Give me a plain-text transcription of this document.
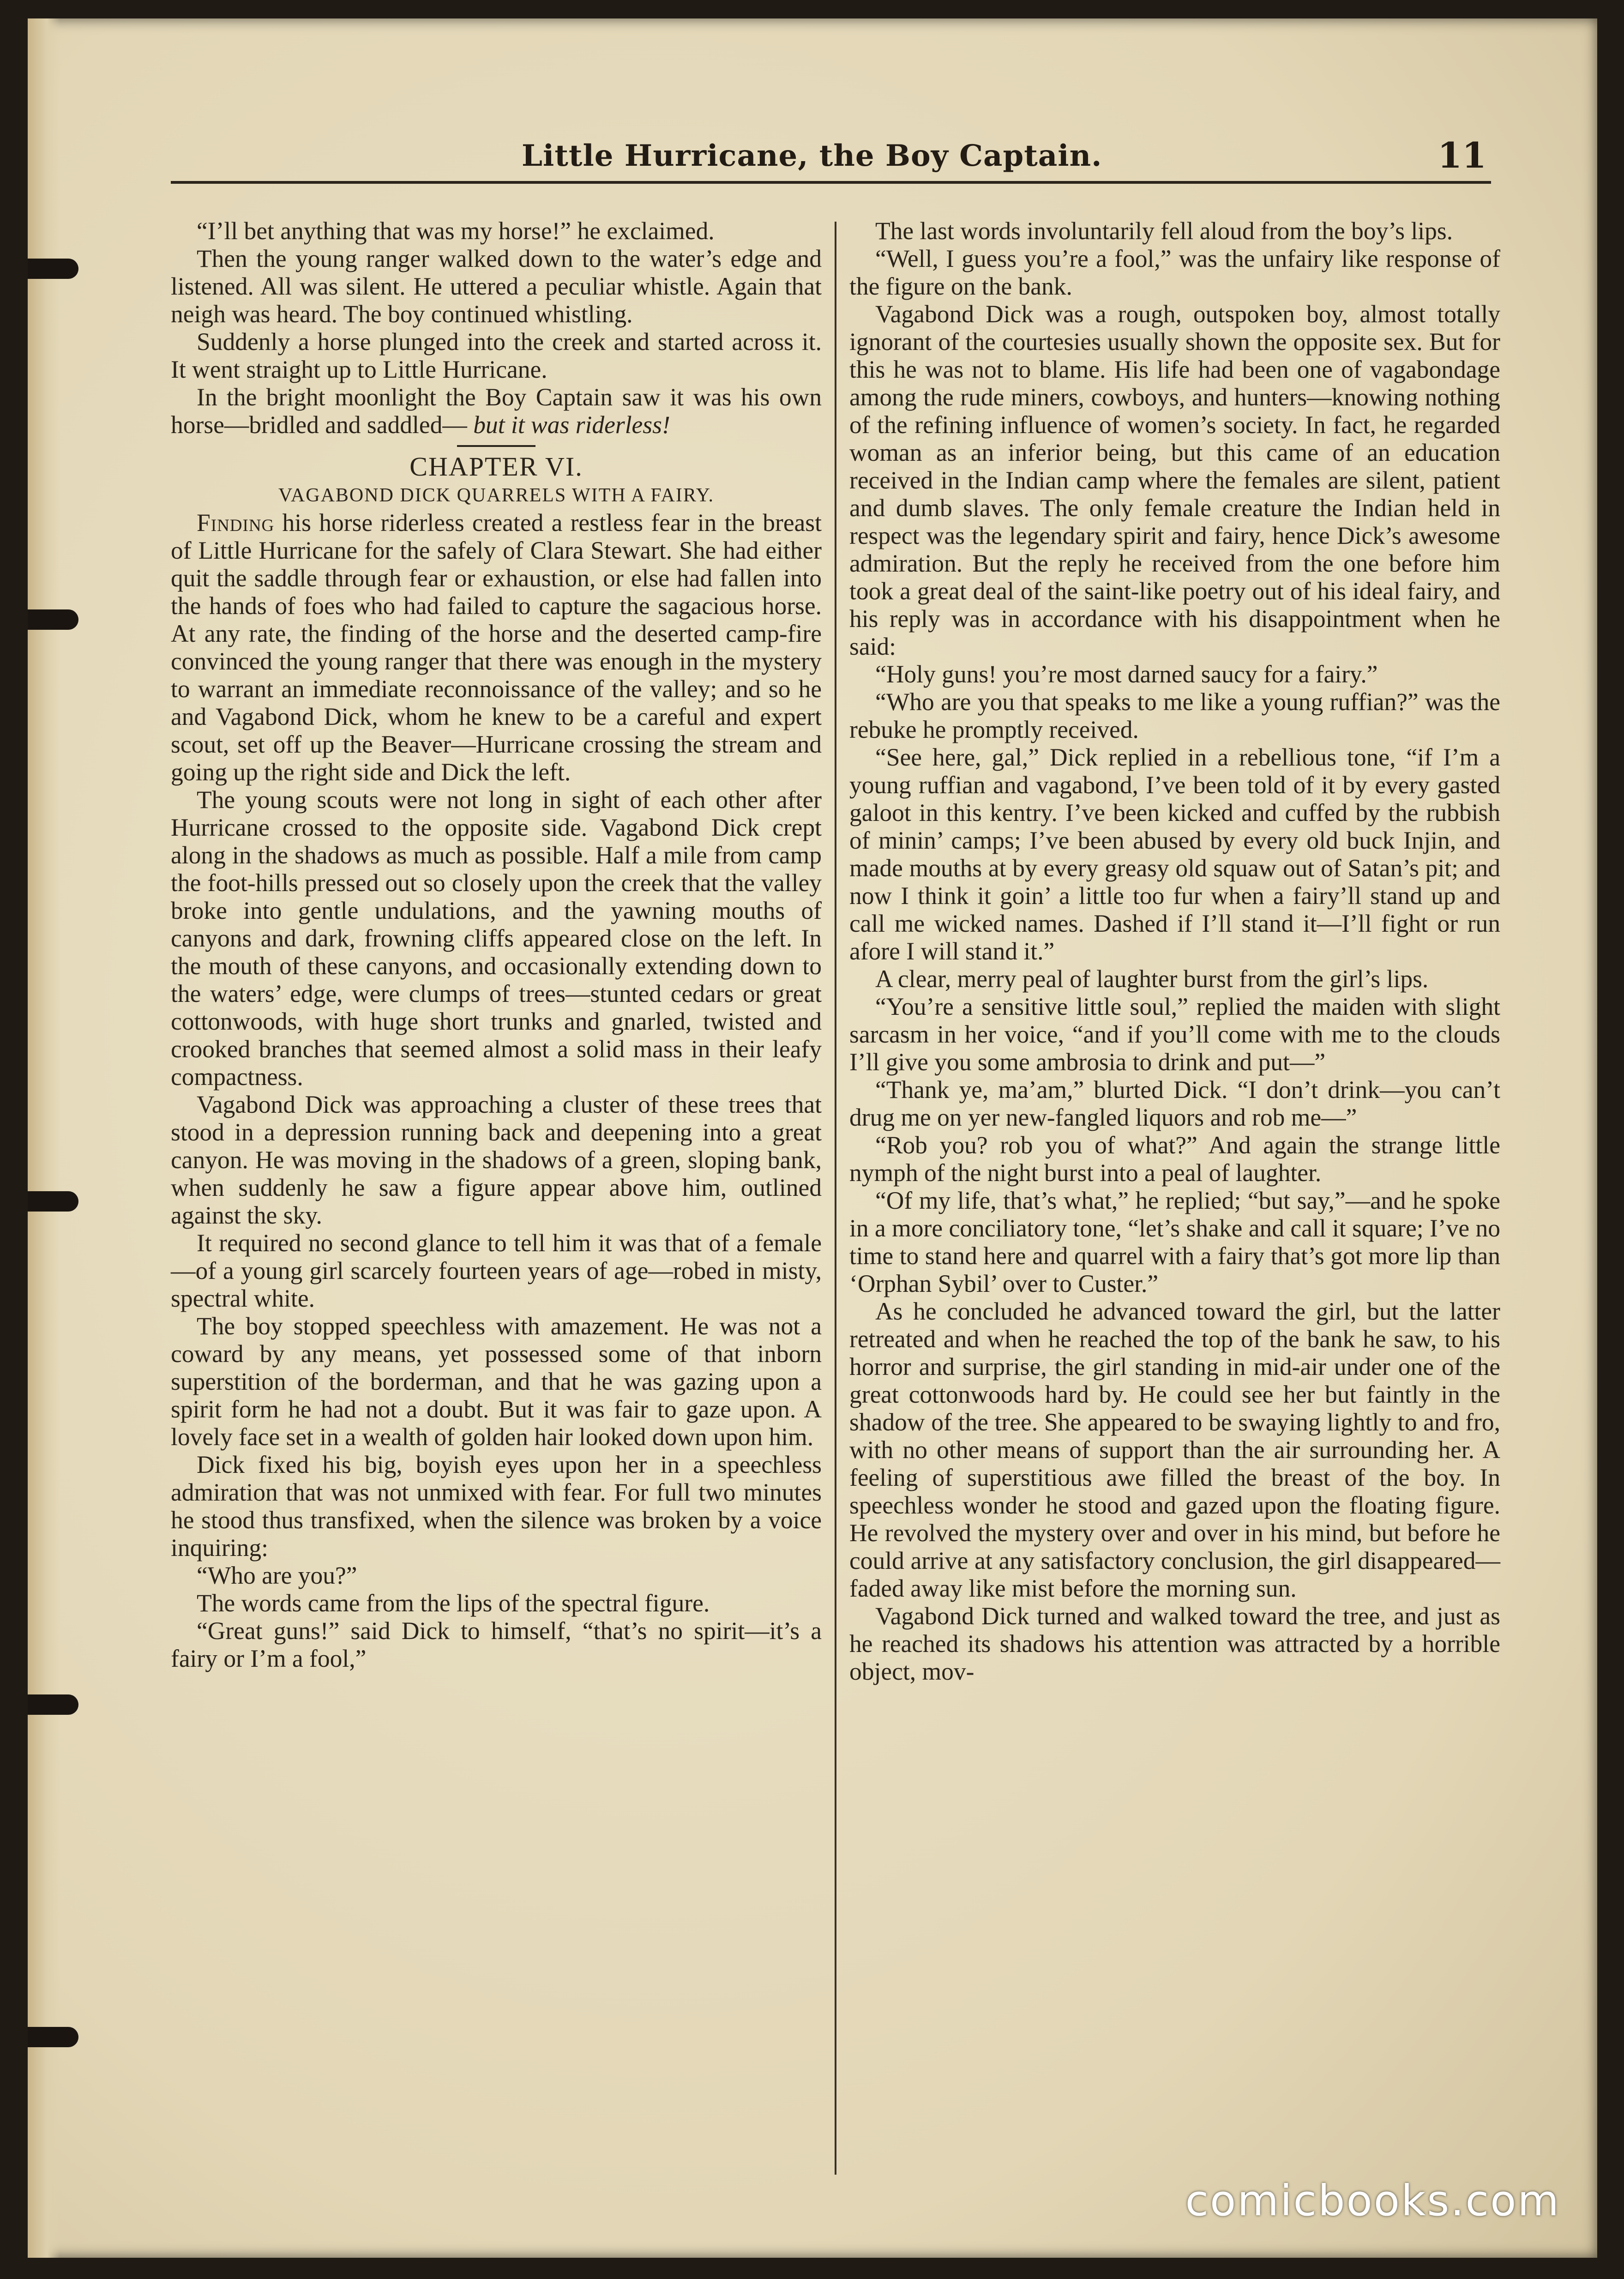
Little Hurricane, the Boy Captain.	11

“I’ll bet anything that was my horse!” he exclaimed.

Then the young ranger walked down to the water’s edge and listened. All was silent. He uttered a peculiar whistle. Again that neigh was heard. The boy continued whistling.

Suddenly a horse plunged into the creek and started across it. It went straight up to Little Hurricane.

In the bright moonlight the Boy Captain saw it was his own horse—bridled and saddled— but it was riderless!

CHAPTER VI.

VAGABOND DICK QUARRELS WITH A FAIRY.

Finding his horse riderless created a restless fear in the breast of Little Hurricane for the safely of Clara Stewart. She had either quit the saddle through fear or exhaustion, or else had fallen into the hands of foes who had failed to capture the sagacious horse. At any rate, the finding of the horse and the deserted camp-fire convinced the young ranger that there was enough in the mystery to warrant an immediate reconnoissance of the valley; and so he and Vagabond Dick, whom he knew to be a careful and expert scout, set off up the Beaver—Hurricane crossing the stream and going up the right side and Dick the left.

The young scouts were not long in sight of each other after Hurricane crossed to the opposite side. Vagabond Dick crept along in the shadows as much as possible. Half a mile from camp the foot-hills pressed out so closely upon the creek that the valley broke into gentle undulations, and the yawning mouths of canyons and dark, frowning cliffs appeared close on the left. In the mouth of these canyons, and occasionally extending down to the waters’ edge, were clumps of trees—stunted cedars or great cottonwoods, with huge short trunks and gnarled, twisted and crooked branches that seemed almost a solid mass in their leafy compactness.

Vagabond Dick was approaching a cluster of these trees that stood in a depression running back and deepening into a great canyon. He was moving in the shadows of a green, sloping bank, when suddenly he saw a figure appear above him, outlined against the sky.

It required no second glance to tell him it was that of a female—of a young girl scarcely fourteen years of age—robed in misty, spectral white.

The boy stopped speechless with amazement. He was not a coward by any means, yet possessed some of that inborn superstition of the borderman, and that he was gazing upon a spirit form he had not a doubt. But it was fair to gaze upon. A lovely face set in a wealth of golden hair looked down upon him.

Dick fixed his big, boyish eyes upon her in a speechless admiration that was not unmixed with fear. For full two minutes he stood thus transfixed, when the silence was broken by a voice inquiring:

“Who are you?”

The words came from the lips of the spectral figure.

“Great guns!” said Dick to himself, “that’s no spirit—it’s a fairy or I’m a fool,”

The last words involuntarily fell aloud from the boy’s lips.

“Well, I guess you’re a fool,” was the unfairy like response of the figure on the bank.

Vagabond Dick was a rough, outspoken boy, almost totally ignorant of the courtesies usually shown the opposite sex. But for this he was not to blame. His life had been one of vagabondage among the rude miners, cowboys, and hunters—knowing nothing of the refining influence of women’s society. In fact, he regarded woman as an inferior being, but this came of an education received in the Indian camp where the females are silent, patient and dumb slaves. The only female creature the Indian held in respect was the legendary spirit and fairy, hence Dick’s awesome admiration. But the reply he received from the one before him took a great deal of the saint-like poetry out of his ideal fairy, and his reply was in accordance with his disappointment when he said:

“Holy guns! you’re most darned saucy for a fairy.”

“Who are you that speaks to me like a young ruffian?” was the rebuke he promptly received.

“See here, gal,” Dick replied in a rebellious tone, “if I’m a young ruffian and vagabond, I’ve been told of it by every gasted galoot in this kentry. I’ve been kicked and cuffed by the rubbish of minin’ camps; I’ve been abused by every old buck Injin, and made mouths at by every greasy old squaw out of Satan’s pit; and now I think it goin’ a little too fur when a fairy’ll stand up and call me wicked names. Dashed if I’ll stand it—I’ll fight or run afore I will stand it.”

A clear, merry peal of laughter burst from the girl’s lips.

“You’re a sensitive little soul,” replied the maiden with slight sarcasm in her voice, “and if you’ll come with me to the clouds I’ll give you some ambrosia to drink and put—”

“Thank ye, ma’am,” blurted Dick. “I don’t drink—you can’t drug me on yer new-fangled liquors and rob me—”

“Rob you? rob you of what?” And again the strange little nymph of the night burst into a peal of laughter.

“Of my life, that’s what,” he replied; “but say,”—and he spoke in a more conciliatory tone, “let’s shake and call it square; I’ve no time to stand here and quarrel with a fairy that’s got more lip than ‘Orphan Sybil’ over to Custer.”

As he concluded he advanced toward the girl, but the latter retreated and when he reached the top of the bank he saw, to his horror and surprise, the girl standing in mid-air under one of the great cottonwoods hard by. He could see her but faintly in the shadow of the tree. She appeared to be swaying lightly to and fro, with no other means of support than the air surrounding her. A feeling of superstitious awe filled the breast of the boy. In speechless wonder he stood and gazed upon the floating figure. He revolved the mystery over and over in his mind, but before he could arrive at any satisfactory conclusion, the girl disappeared—faded away like mist before the morning sun.

Vagabond Dick turned and walked toward the tree, and just as he reached its shadows his attention was attracted by a horrible object, mov-

comicbooks.com
